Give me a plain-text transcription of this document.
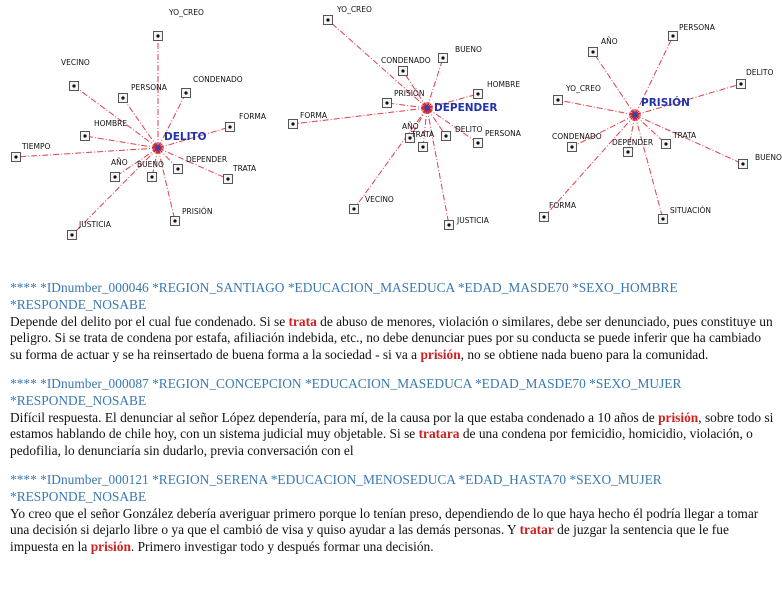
YO_CREO
VECINO
PERSONA
CONDENADO
HOMBRE
FORMA
TIEMPO
AÑO BUENO
DEPENDER
TRATA
PRISIÓN
JUSTICIA
DELITO
YO_CREO
BUENO
CONDENADO
HOMBRE
PRISIÓN
FORMA
AÑO	DELITO PERSONA
TRATA
VECINO
JUSTICIA
DEPENDER
AÑO
PERSONA
DELITO
YO_CREO
CONDENADO
DEPENDER
TRATA
BUENO
FORMA
SITUACIÓN
PRISIÓN
**** *IDnumber_000046 *REGION_SANTIAGO *EDUCACION_MASEDUCA *EDAD_MASDE70 *SEXO_HOMBRE *RESPONDE_NOSABE
Depende del delito por el cual fue condenado. Si se trata de abuso de menores, violación o similares, debe ser denunciado, pues constituye un peligro. Si se trata de condena por estafa, afiliación indebida, etc., no debe denunciar pues por su conducta se puede inferir que ha cambiado su forma de actuar y se ha reinsertado de buena forma a la sociedad - si va a prisión, no se obtiene nada bueno para la comunidad.
**** *IDnumber_000087 *REGION_CONCEPCION *EDUCACION_MASEDUCA *EDAD_MASDE70 *SEXO_MUJER *RESPONDE_NOSABE
Difícil respuesta. El denunciar al señor López dependería, para mí, de la causa por la que estaba condenado a 10 años de prisión, sobre todo si estamos hablando de chile hoy, con un sistema judicial muy objetable. Si se tratara de una condena por femicidio, homicidio, violación, o pedofilia, lo denunciaría sin dudarlo, previa conversación con el
**** *IDnumber_000121 *REGION_SERENA *EDUCACION_MENOSEDUCA *EDAD_HASTA70 *SEXO_MUJER *RESPONDE_NOSABE
Yo creo que el señor González debería averiguar primero porque lo tenían preso, dependiendo de lo que haya hecho él podría llegar a tomar una decisión si dejarlo libre o ya que el cambió de visa y quiso ayudar a las demás personas. Y tratar de juzgar la sentencia que le fue impuesta en la prisión. Primero investigar todo y después formar una decisión.
